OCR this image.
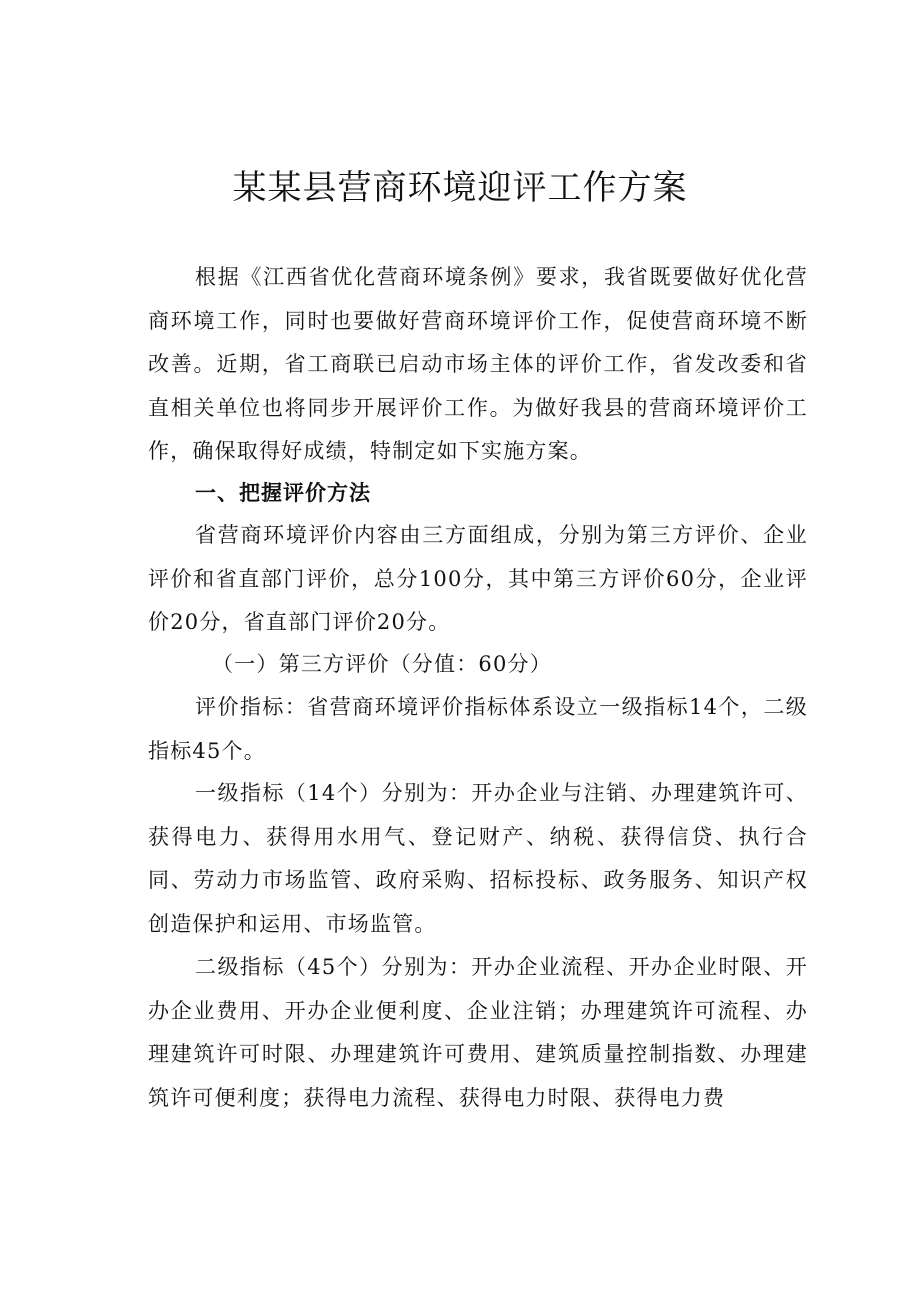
某某县营商环境迎评工作方案

根据《江西省优化营商环境条例》要求，我省既要做好优化营商环境工作，同时也要做好营商环境评价工作，促使营商环境不断改善。近期，省工商联已启动市场主体的评价工作，省发改委和省直相关单位也将同步开展评价工作。为做好我县的营商环境评价工作，确保取得好成绩，特制定如下实施方案。

一、把握评价方法

省营商环境评价内容由三方面组成，分别为第三方评价、企业评价和省直部门评价，总分100分，其中第三方评价60分，企业评价20分，省直部门评价20分。

（一）第三方评价（分值：60分）

评价指标：省营商环境评价指标体系设立一级指标14个，二级指标45个。

一级指标（14个）分别为：开办企业与注销、办理建筑许可、获得电力、获得用水用气、登记财产、纳税、获得信贷、执行合同、劳动力市场监管、政府采购、招标投标、政务服务、知识产权创造保护和运用、市场监管。

二级指标（45个）分别为：开办企业流程、开办企业时限、开办企业费用、开办企业便利度、企业注销；办理建筑许可流程、办理建筑许可时限、办理建筑许可费用、建筑质量控制指数、办理建筑许可便利度；获得电力流程、获得电力时限、获得电力费
